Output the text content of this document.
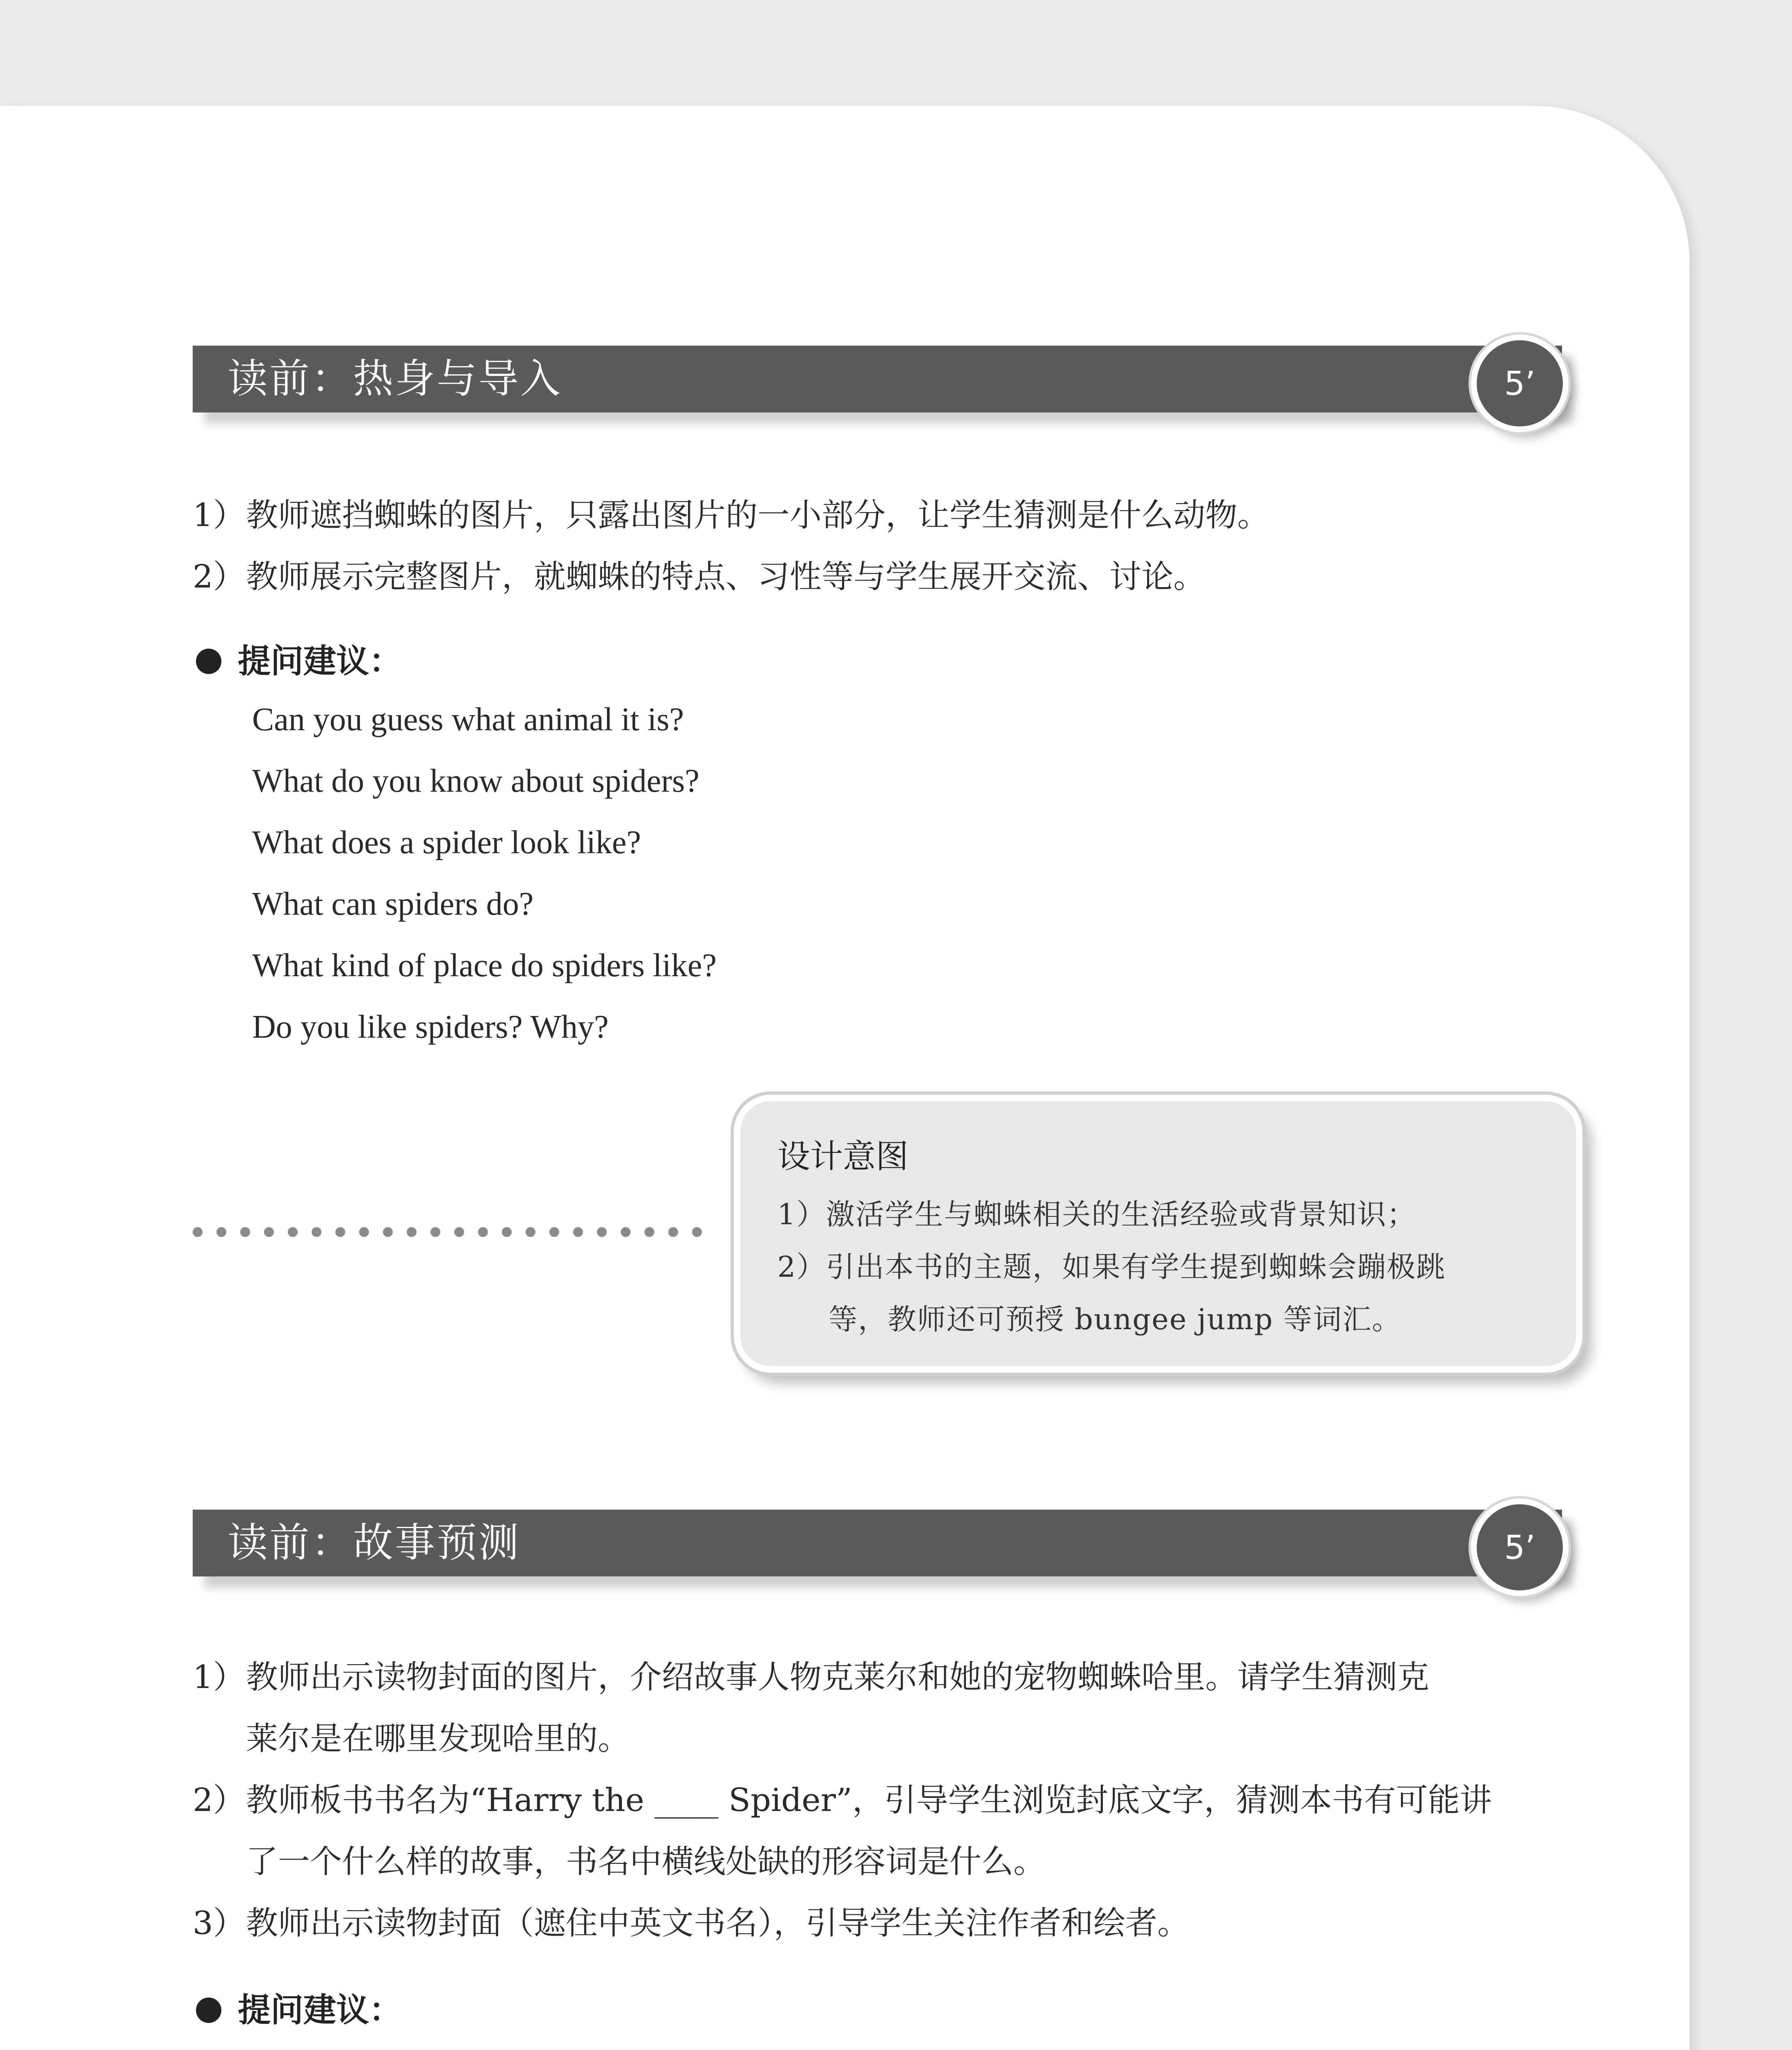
读前：热身与导入	5’
1）教师遮挡蜘蛛的图片，只露出图片的一小部分，让学生猜测是什么动物。
2）教师展示完整图片，就蜘蛛的特点、习性等与学生展开交流、讨论。
提问建议：
Can you guess what animal it is?
What do you know about spiders?
What does a spider look like?
What can spiders do?
What kind of place do spiders like?
Do you like spiders? Why?
设计意图
1）激活学生与蜘蛛相关的生活经验或背景知识；
2）引出本书的主题，如果有学生提到蜘蛛会蹦极跳
等，教师还可预授 bungee jump 等词汇。
读前：故事预测	5’
1）教师出示读物封面的图片，介绍故事人物克莱尔和她的宠物蜘蛛哈里。请学生猜测克
莱尔是在哪里发现哈里的。
2）教师板书书名为“Harry the ____ Spider”，引导学生浏览封底文字，猜测本书有可能讲
了一个什么样的故事，书名中横线处缺的形容词是什么。
3）教师出示读物封面（遮住中英文书名），引导学生关注作者和绘者。
提问建议：
